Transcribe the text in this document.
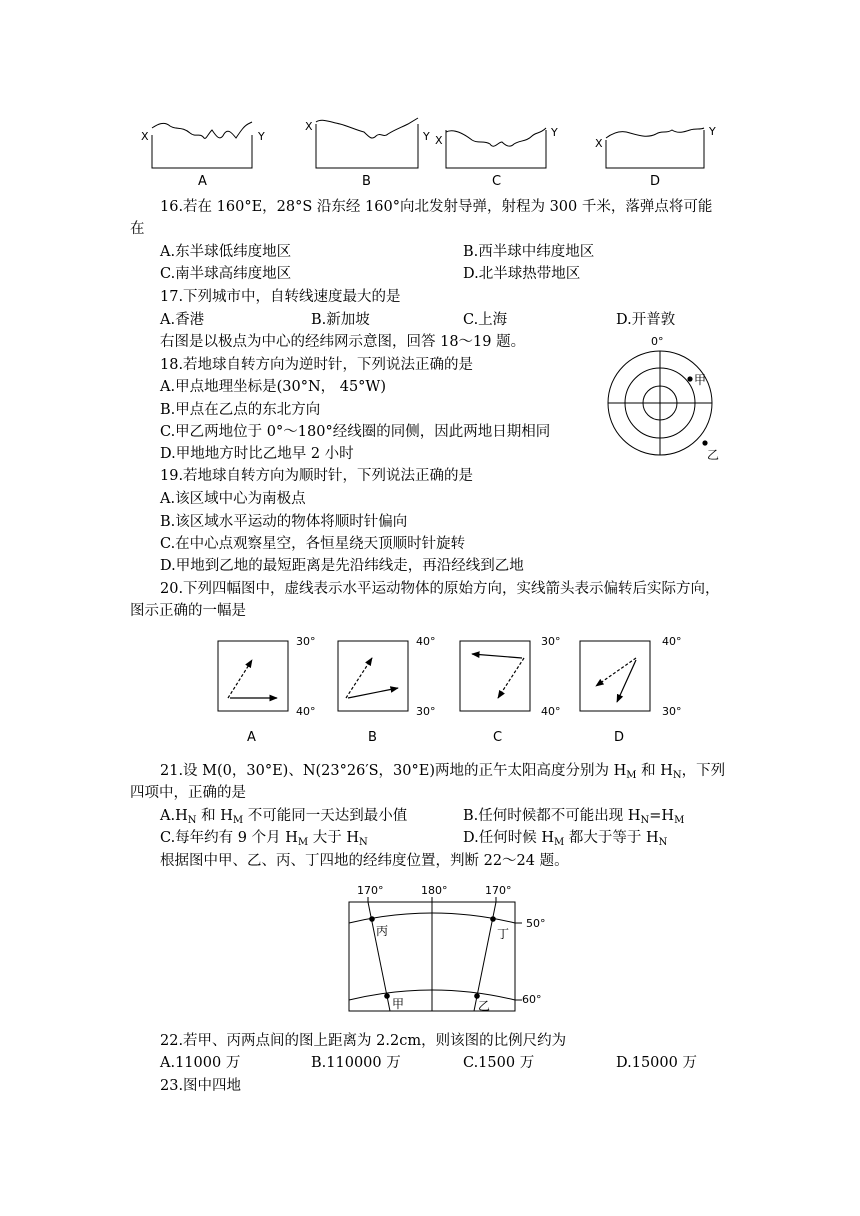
X	Y
X
Y X
Y
X
Y
A	B	C	D
16.若在 160°E，28°S 沿东经 160°向北发射导弹，射程为 300 千米，落弹点将可能
在
A.东半球低纬度地区	B.西半球中纬度地区
C.南半球高纬度地区	D.北半球热带地区
17.下列城市中，自转线速度最大的是
A.香港	B.新加坡	C.上海	D.开普敦
右图是以极点为中心的经纬网示意图，回答 18～19 题。	0°
甲
乙
18.若地球自转方向为逆时针，下列说法正确的是
A.甲点地理坐标是(30°N， 45°W)
B.甲点在乙点的东北方向
C.甲乙两地位于 0°～180°经线圈的同侧，因此两地日期相同
D.甲地地方时比乙地早 2 小时
19.若地球自转方向为顺时针，下列说法正确的是
A.该区域中心为南极点
B.该区域水平运动的物体将顺时针偏向
C.在中心点观察星空，各恒星绕天顶顺时针旋转
D.甲地到乙地的最短距离是先沿纬线走，再沿经线到乙地
20.下列四幅图中，虚线表示水平运动物体的原始方向，实线箭头表示偏转后实际方向，
图示正确的一幅是
30°
40°
40°
30°
30°
40°
40°
30°
A	B	C	D
21.设 M(0，30°E)、N(23°26′S，30°E)两地的正午太阳高度分别为 $H_M$ 和 $H_N$，下列
四项中，正确的是
$A.H_N$ 和 $H_M$ 不可能同一天达到最小值	B.任何时候都不可能出现 $H_N=H_M$
C.每年约有 9 个月 $H_M$ 大于 $H_N$	D.任何时候 $H_M$ 都大于等于 $H_N$
根据图中甲、乙、丙、丁四地的经纬度位置，判断 22～24 题。
170°	180°	170°
50°
60°
丙	丁
甲	乙
22.若甲、丙两点间的图上距离为 2.2cm，则该图的比例尺约为
A.11000 万	B.110000 万	C.1500 万	D.15000 万
23.图中四地
